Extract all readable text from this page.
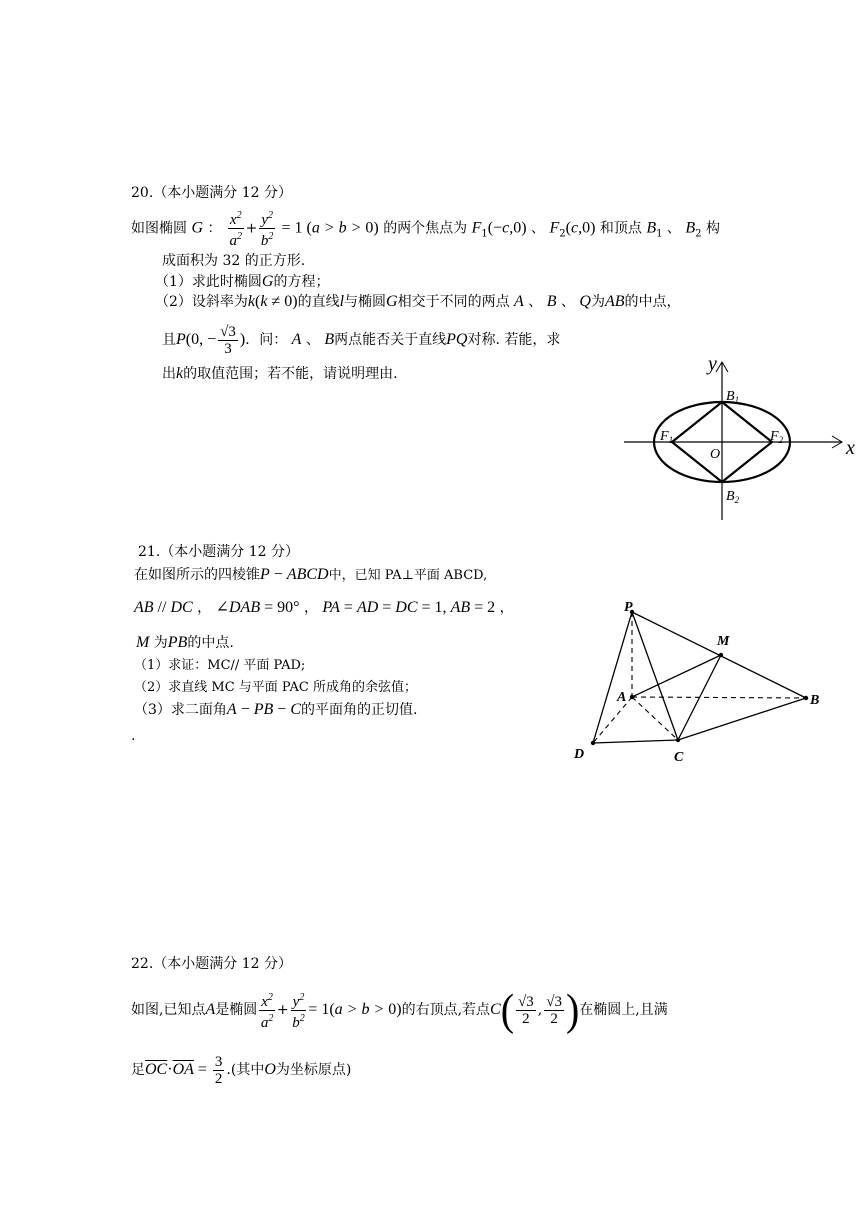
20.（本小题满分 12 分）
如图椭圆 G ： $\frac{x^2}{a^2} + \frac{y^2}{b^2} = 1$ (a > b > 0) 的两个焦点为 $F_1(-c,0)$ 、 $F_2(c,0)$ 和顶点 $B_1$ 、 $B_2$ 构
成面积为 32 的正方形.
（1）求此时椭圆G的方程；
（2）设斜率为k(k ≠ 0)的直线l与椭圆G相交于不同的两点 A 、 B 、 Q为AB的中点，
且P(0, − $\frac{√3}{3}$ )．问： A 、 B两点能否关于直线PQ对称. 若能，求
出k的取值范围；若不能，请说明理由.
x
y
O
$F_1$	$F_2$
$B_1$
$B_2$
21.（本小题满分 12 分）
在如图所示的四棱锥P − ABCD中，已知 PA⊥平面 ABCD,
AB // DC ， ∠DAB = 90° ， PA = AD = DC = 1, AB = 2 ，
M 为PB的中点.
（1）求证：MC// 平面 PAD;
（2）求直线 MC 与平面 PAC 所成角的余弦值；
（3）求二面角A − PB − C的平面角的正切值.
.
P
M
A	B
C
D
22.（本小题满分 12 分）
如图,已知点A是椭圆 $\frac{x^2}{a^2} + \frac{y^2}{b^2} = 1(a > b > 0)$的右顶点,若点$C( \frac{√3}{2}$ , $\frac{√3}{2}$ )在椭圆上,且满
足$\overline{OC}\cdot\overline{OA} = \frac{3}{2}$ .(其中O为坐标原点)
